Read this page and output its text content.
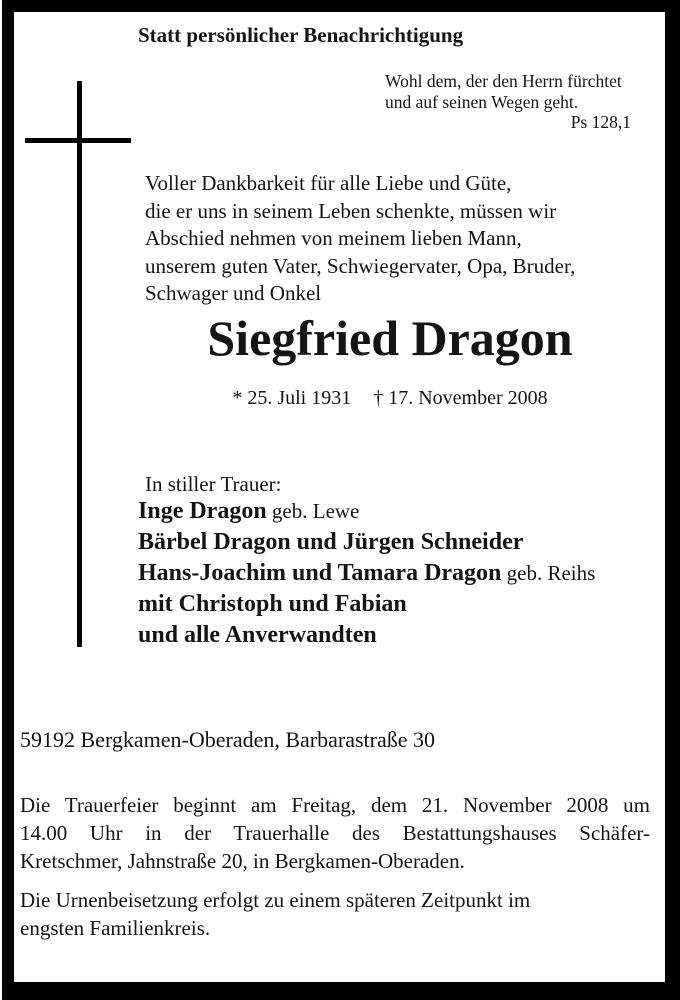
Statt persönlicher Benachrichtigung
Wohl dem, der den Herrn fürchtet
und auf seinen Wegen geht.
Ps 128,1
Voller Dankbarkeit für alle Liebe und Güte,
die er uns in seinem Leben schenkte, müssen wir
Abschied nehmen von meinem lieben Mann,
unserem guten Vater, Schwiegervater, Opa, Bruder,
Schwager und Onkel
Siegfried Dragon
* 25. Juli 1931 † 17. November 2008
In stiller Trauer:
Inge Dragon geb. Lewe
Bärbel Dragon und Jürgen Schneider
Hans-Joachim und Tamara Dragon geb. Reihs
mit Christoph und Fabian
und alle Anverwandten
59192 Bergkamen-Oberaden, Barbarastraße 30
Die Trauerfeier beginnt am Freitag, dem 21. November 2008 um
14.00 Uhr in der Trauerhalle des Bestattungshauses Schäfer-
Kretschmer, Jahnstraße 20, in Bergkamen-Oberaden.
Die Urnenbeisetzung erfolgt zu einem späteren Zeitpunkt im
engsten Familienkreis.
